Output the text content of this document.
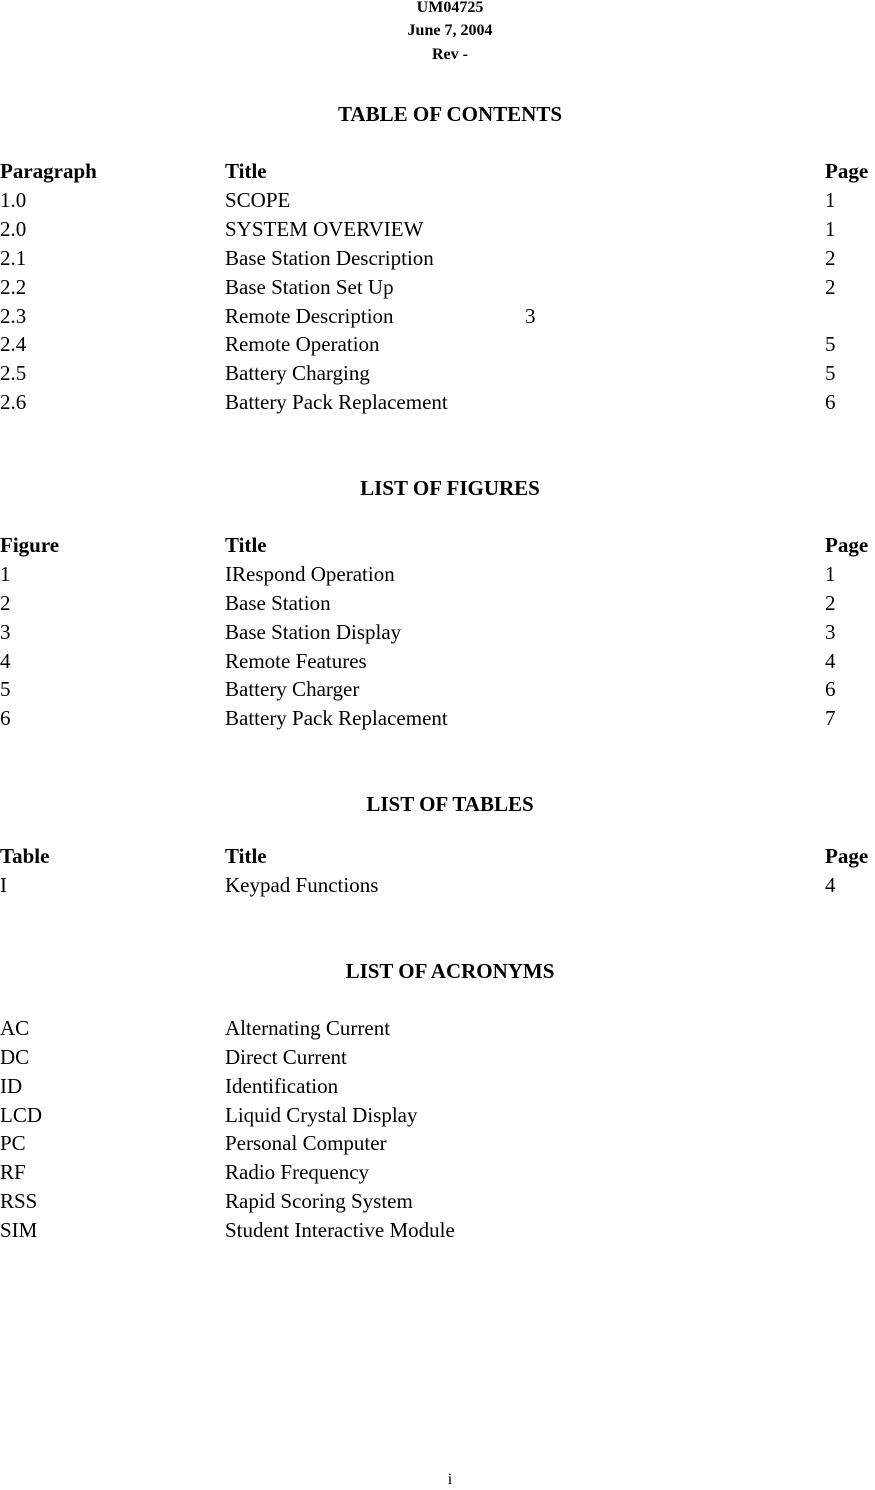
UM04725
June 7, 2004
Rev -
TABLE OF CONTENTS
Paragraph	Title	Page
1.0	SCOPE	1
2.0	SYSTEM OVERVIEW	1
2.1	Base Station Description	2
2.2	Base Station Set Up	2
2.3	Remote Description	3
2.4	Remote Operation	5
2.5	Battery Charging	5
2.6	Battery Pack Replacement	6
LIST OF FIGURES
Figure	Title	Page
1	IRespond Operation	1
2	Base Station	2
3	Base Station Display	3
4	Remote Features	4
5	Battery Charger	6
6	Battery Pack Replacement	7
LIST OF TABLES
Table	Title	Page
I	Keypad Functions	4
LIST OF ACRONYMS
AC	Alternating Current
DC	Direct Current
ID	Identification
LCD	Liquid Crystal Display
PC	Personal Computer
RF	Radio Frequency
RSS	Rapid Scoring System
SIM	Student Interactive Module
i
